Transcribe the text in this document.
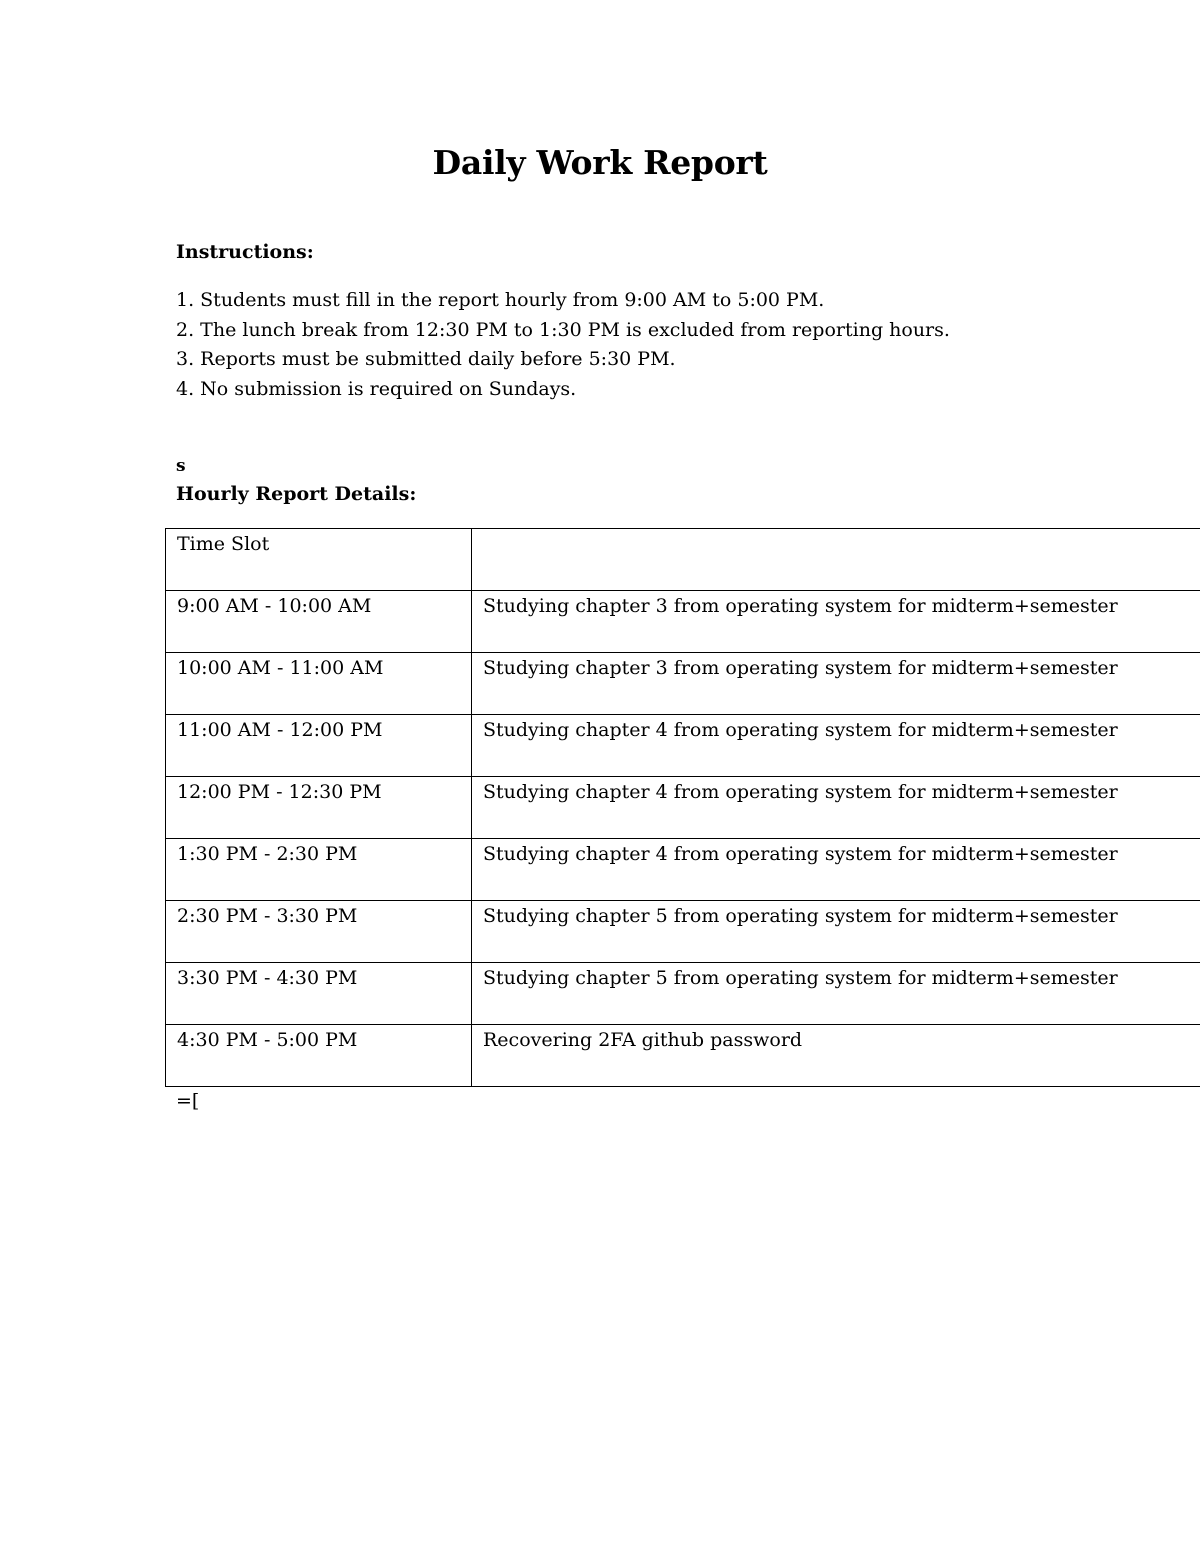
Daily Work Report

Instructions:

1. Students must fill in the report hourly from 9:00 AM to 5:00 PM.
2. The lunch break from 12:30 PM to 1:30 PM is excluded from reporting hours.
3. Reports must be submitted daily before 5:30 PM.
4. No submission is required on Sundays.

s

Hourly Report Details:

Time Slot	
9:00 AM - 10:00 AM	Studying chapter 3 from operating system for midterm+semester
10:00 AM - 11:00 AM	Studying chapter 3 from operating system for midterm+semester
11:00 AM - 12:00 PM	Studying chapter 4 from operating system for midterm+semester
12:00 PM - 12:30 PM	Studying chapter 4 from operating system for midterm+semester
1:30 PM - 2:30 PM	Studying chapter 4 from operating system for midterm+semester
2:30 PM - 3:30 PM	Studying chapter 5 from operating system for midterm+semester
3:30 PM - 4:30 PM	Studying chapter 5 from operating system for midterm+semester
4:30 PM - 5:00 PM	Recovering 2FA github password

=[
